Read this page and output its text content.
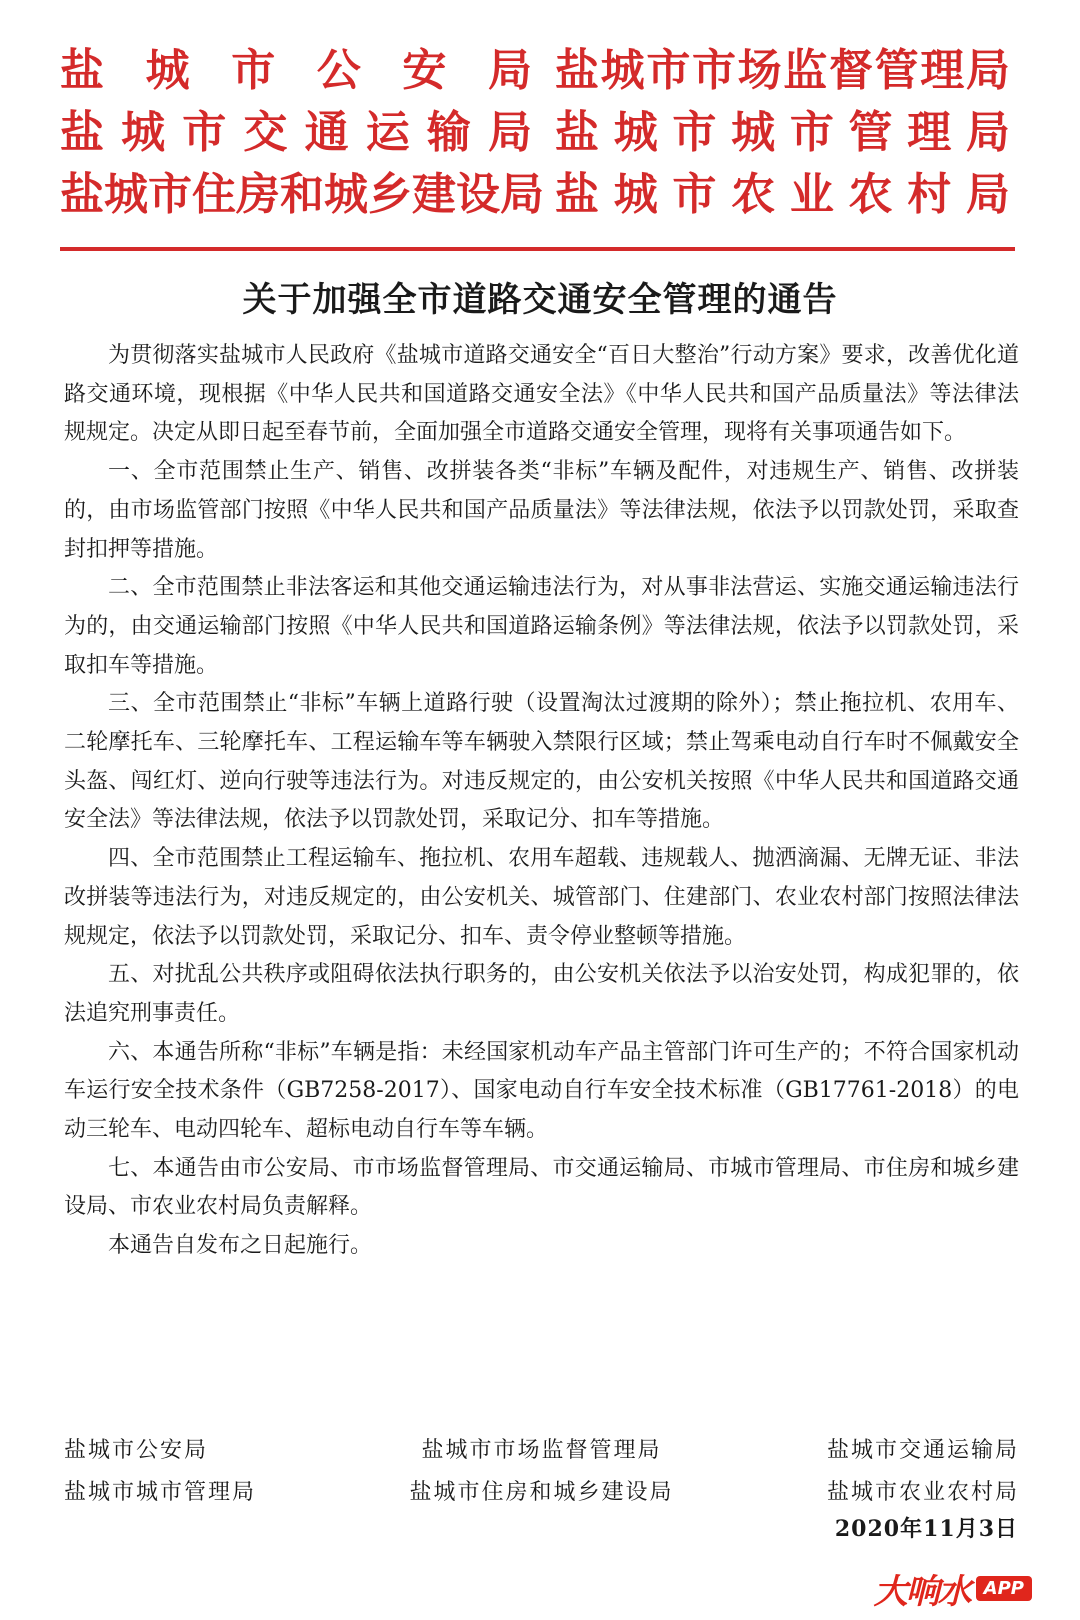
盐 城 市 公 安 局 盐 城 市 市 场 监 督 管 理 局
盐 城 市 交 通 运 输 局 盐 城 市 城 市 管 理 局
盐 城 市 住 房 和 城 乡 建 设 局 盐 城 市 农 业 农 村 局
关于加强全市道路交通安全管理的通告

为贯彻落实盐城市人民政府《盐城市道路交通安全“百日大整治”行动方案》要求，改善优化道路交通环境，现根据《中华人民共和国道路交通安全法》《中华人民共和国产品质量法》等法律法规规定。决定从即日起至春节前，全面加强全市道路交通安全管理，现将有关事项通告如下。

一、全市范围禁止生产、销售、改拼装各类“非标”车辆及配件，对违规生产、销售、改拼装的，由市场监管部门按照《中华人民共和国产品质量法》等法律法规，依法予以罚款处罚，采取查封扣押等措施。

二、全市范围禁止非法客运和其他交通运输违法行为，对从事非法营运、实施交通运输违法行为的，由交通运输部门按照《中华人民共和国道路运输条例》等法律法规，依法予以罚款处罚，采取扣车等措施。

三、全市范围禁止“非标”车辆上道路行驶（设置淘汰过渡期的除外）；禁止拖拉机、农用车、二轮摩托车、三轮摩托车、工程运输车等车辆驶入禁限行区域；禁止驾乘电动自行车时不佩戴安全头盔、闯红灯、逆向行驶等违法行为。对违反规定的，由公安机关按照《中华人民共和国道路交通安全法》等法律法规，依法予以罚款处罚，采取记分、扣车等措施。

四、全市范围禁止工程运输车、拖拉机、农用车超载、违规载人、抛洒滴漏、无牌无证、非法改拼装等违法行为，对违反规定的，由公安机关、城管部门、住建部门、农业农村部门按照法律法规规定，依法予以罚款处罚，采取记分、扣车、责令停业整顿等措施。

五、对扰乱公共秩序或阻碍依法执行职务的，由公安机关依法予以治安处罚，构成犯罪的，依法追究刑事责任。

六、本通告所称“非标”车辆是指：未经国家机动车产品主管部门许可生产的；不符合国家机动车运行安全技术条件（GB7258-2017）、国家电动自行车安全技术标准（GB17761-2018）的电动三轮车、电动四轮车、超标电动自行车等车辆。

七、本通告由市公安局、市市场监督管理局、市交通运输局、市城市管理局、市住房和城乡建设局、市农业农村局负责解释。

本通告自发布之日起施行。

盐城市公安局	盐城市市场监督管理局	盐城市交通运输局
盐城市城市管理局	盐城市住房和城乡建设局	盐城市农业农村局
2020年11月3日
大响水 APP
